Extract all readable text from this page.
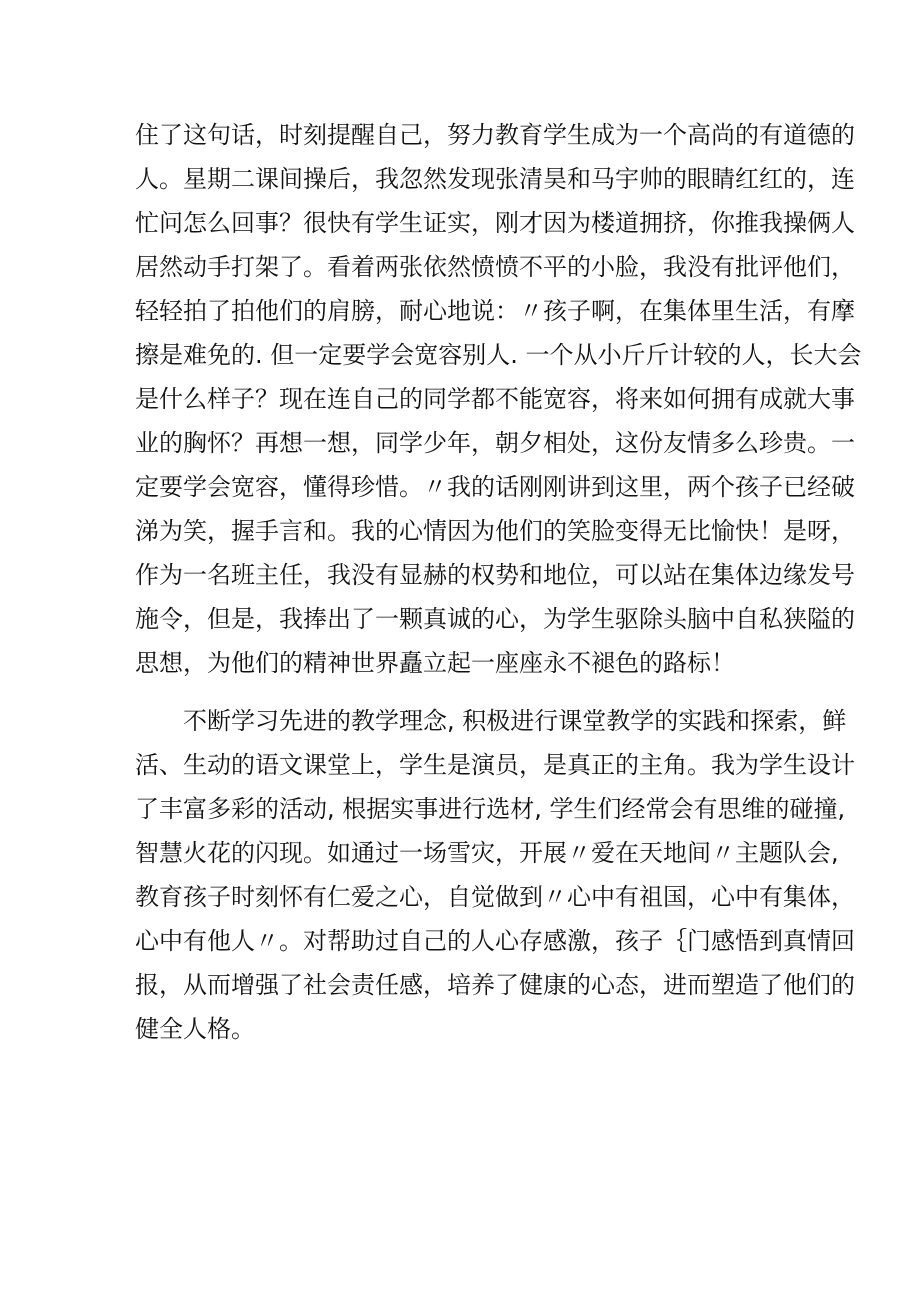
住了这句话，时刻提醒自己，努力教育学生成为一个高尚的有道德的
人。星期二课间操后，我忽然发现张清昊和马宇帅的眼睛红红的，连
忙问怎么回事？很快有学生证实，刚才因为楼道拥挤，你推我操俩人
居然动手打架了。看着两张依然愤愤不平的小脸，我没有批评他们，
轻轻拍了拍他们的肩膀，耐心地说：〃孩子啊，在集体里生活，有摩
擦是难免的. 但一定要学会宽容别人. 一个从小斤斤计较的人，长大会
是什么样子？现在连自己的同学都不能宽容，将来如何拥有成就大事
业的胸怀？再想一想，同学少年，朝夕相处，这份友情多么珍贵。一
定要学会宽容，懂得珍惜。〃我的话刚刚讲到这里，两个孩子已经破
涕为笑，握手言和。我的心情因为他们的笑脸变得无比愉快！是呀，
作为一名班主任，我没有显赫的权势和地位，可以站在集体边缘发号
施令，但是，我捧出了一颗真诚的心，为学生驱除头脑中自私狭隘的
思想，为他们的精神世界矗立起一座座永不褪色的路标！
不断学习先进的教学理念, 积极进行课堂教学的实践和探索，鲜
活、生动的语文课堂上，学生是演员，是真正的主角。我为学生设计
了丰富多彩的活动, 根据实事进行选材, 学生们经常会有思维的碰撞,
智慧火花的闪现。如通过一场雪灾，开展〃爱在天地间〃主题队会,
教育孩子时刻怀有仁爱之心，自觉做到〃心中有祖国，心中有集体，
心中有他人〃。对帮助过自己的人心存感激，孩子｛门感悟到真情回
报，从而增强了社会责任感，培养了健康的心态，进而塑造了他们的
健全人格。
